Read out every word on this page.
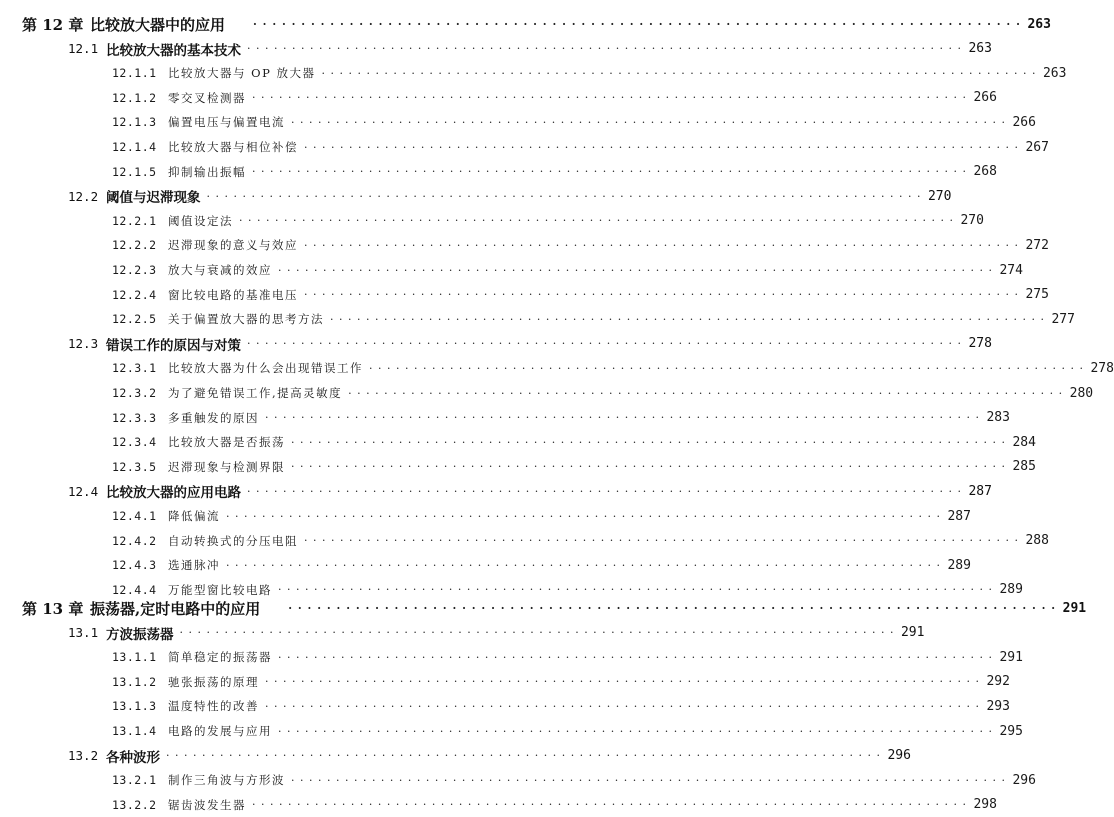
第 12 章 比较放大器中的应用	· · · · · · · · · · · · · · · · · · · · · · · · · · · · · · · · · · · · · · · · · · · · · · · · · · · · · · · · · · · · · · · · · · · · · · · · · · · · · · · · 263
12.1 比较放大器的基本技术 · · · · · · · · · · · · · · · · · · · · · · · · · · · · · · · · · · · · · · · · · · · · · · · · · · · · · · · · · · · · · · · · · · · · · · · · · · · · · · · · 263
12.1.1 比较放大器与 OP 放大器 · · · · · · · · · · · · · · · · · · · · · · · · · · · · · · · · · · · · · · · · · · · · · · · · · · · · · · · · · · · · · · · · · · · · · · · · · · · · · · · · 263
12.1.2 零交叉检测器 · · · · · · · · · · · · · · · · · · · · · · · · · · · · · · · · · · · · · · · · · · · · · · · · · · · · · · · · · · · · · · · · · · · · · · · · · · · · · · · · 266
12.1.3 偏置电压与偏置电流 · · · · · · · · · · · · · · · · · · · · · · · · · · · · · · · · · · · · · · · · · · · · · · · · · · · · · · · · · · · · · · · · · · · · · · · · · · · · · · · · 266
12.1.4 比较放大器与相位补偿 · · · · · · · · · · · · · · · · · · · · · · · · · · · · · · · · · · · · · · · · · · · · · · · · · · · · · · · · · · · · · · · · · · · · · · · · · · · · · · · · 267
12.1.5 抑制输出振幅 · · · · · · · · · · · · · · · · · · · · · · · · · · · · · · · · · · · · · · · · · · · · · · · · · · · · · · · · · · · · · · · · · · · · · · · · · · · · · · · · 268
12.2 阈值与迟滞现象 · · · · · · · · · · · · · · · · · · · · · · · · · · · · · · · · · · · · · · · · · · · · · · · · · · · · · · · · · · · · · · · · · · · · · · · · · · · · · · · · 270
12.2.1 阈值设定法 · · · · · · · · · · · · · · · · · · · · · · · · · · · · · · · · · · · · · · · · · · · · · · · · · · · · · · · · · · · · · · · · · · · · · · · · · · · · · · · · 270
12.2.2 迟滞现象的意义与效应 · · · · · · · · · · · · · · · · · · · · · · · · · · · · · · · · · · · · · · · · · · · · · · · · · · · · · · · · · · · · · · · · · · · · · · · · · · · · · · · · 272
12.2.3 放大与衰减的效应 · · · · · · · · · · · · · · · · · · · · · · · · · · · · · · · · · · · · · · · · · · · · · · · · · · · · · · · · · · · · · · · · · · · · · · · · · · · · · · · · 274
12.2.4 窗比较电路的基准电压 · · · · · · · · · · · · · · · · · · · · · · · · · · · · · · · · · · · · · · · · · · · · · · · · · · · · · · · · · · · · · · · · · · · · · · · · · · · · · · · · 275
12.2.5 关于偏置放大器的思考方法 · · · · · · · · · · · · · · · · · · · · · · · · · · · · · · · · · · · · · · · · · · · · · · · · · · · · · · · · · · · · · · · · · · · · · · · · · · · · · · · · 277
12.3 错误工作的原因与对策 · · · · · · · · · · · · · · · · · · · · · · · · · · · · · · · · · · · · · · · · · · · · · · · · · · · · · · · · · · · · · · · · · · · · · · · · · · · · · · · · 278
12.3.1 比较放大器为什么会出现错误工作 · · · · · · · · · · · · · · · · · · · · · · · · · · · · · · · · · · · · · · · · · · · · · · · · · · · · · · · · · · · · · · · · · · · · · · · · · · · · · · · · 278
12.3.2 为了避免错误工作,提高灵敏度 · · · · · · · · · · · · · · · · · · · · · · · · · · · · · · · · · · · · · · · · · · · · · · · · · · · · · · · · · · · · · · · · · · · · · · · · · · · · · · · · 280
12.3.3 多重触发的原因 · · · · · · · · · · · · · · · · · · · · · · · · · · · · · · · · · · · · · · · · · · · · · · · · · · · · · · · · · · · · · · · · · · · · · · · · · · · · · · · · 283
12.3.4 比较放大器是否振荡 · · · · · · · · · · · · · · · · · · · · · · · · · · · · · · · · · · · · · · · · · · · · · · · · · · · · · · · · · · · · · · · · · · · · · · · · · · · · · · · · 284
12.3.5 迟滞现象与检测界限 · · · · · · · · · · · · · · · · · · · · · · · · · · · · · · · · · · · · · · · · · · · · · · · · · · · · · · · · · · · · · · · · · · · · · · · · · · · · · · · · 285
12.4 比较放大器的应用电路 · · · · · · · · · · · · · · · · · · · · · · · · · · · · · · · · · · · · · · · · · · · · · · · · · · · · · · · · · · · · · · · · · · · · · · · · · · · · · · · · 287
12.4.1 降低偏流 · · · · · · · · · · · · · · · · · · · · · · · · · · · · · · · · · · · · · · · · · · · · · · · · · · · · · · · · · · · · · · · · · · · · · · · · · · · · · · · · 287
12.4.2 自动转换式的分压电阻 · · · · · · · · · · · · · · · · · · · · · · · · · · · · · · · · · · · · · · · · · · · · · · · · · · · · · · · · · · · · · · · · · · · · · · · · · · · · · · · · 288
12.4.3 选通脉冲 · · · · · · · · · · · · · · · · · · · · · · · · · · · · · · · · · · · · · · · · · · · · · · · · · · · · · · · · · · · · · · · · · · · · · · · · · · · · · · · · 289
12.4.4 万能型窗比较电路 · · · · · · · · · · · · · · · · · · · · · · · · · · · · · · · · · · · · · · · · · · · · · · · · · · · · · · · · · · · · · · · · · · · · · · · · · · · · · · · · 289
第 13 章 振荡器,定时电路中的应用	· · · · · · · · · · · · · · · · · · · · · · · · · · · · · · · · · · · · · · · · · · · · · · · · · · · · · · · · · · · · · · · · · · · · · · · · · · · · · · · · 291
13.1 方波振荡器 · · · · · · · · · · · · · · · · · · · · · · · · · · · · · · · · · · · · · · · · · · · · · · · · · · · · · · · · · · · · · · · · · · · · · · · · · · · · · · · · 291
13.1.1 简单稳定的振荡器 · · · · · · · · · · · · · · · · · · · · · · · · · · · · · · · · · · · · · · · · · · · · · · · · · · · · · · · · · · · · · · · · · · · · · · · · · · · · · · · · 291
13.1.2 驰张振荡的原理 · · · · · · · · · · · · · · · · · · · · · · · · · · · · · · · · · · · · · · · · · · · · · · · · · · · · · · · · · · · · · · · · · · · · · · · · · · · · · · · · 292
13.1.3 温度特性的改善 · · · · · · · · · · · · · · · · · · · · · · · · · · · · · · · · · · · · · · · · · · · · · · · · · · · · · · · · · · · · · · · · · · · · · · · · · · · · · · · · 293
13.1.4 电路的发展与应用 · · · · · · · · · · · · · · · · · · · · · · · · · · · · · · · · · · · · · · · · · · · · · · · · · · · · · · · · · · · · · · · · · · · · · · · · · · · · · · · · 295
13.2 各种波形 · · · · · · · · · · · · · · · · · · · · · · · · · · · · · · · · · · · · · · · · · · · · · · · · · · · · · · · · · · · · · · · · · · · · · · · · · · · · · · · · 296
13.2.1 制作三角波与方形波 · · · · · · · · · · · · · · · · · · · · · · · · · · · · · · · · · · · · · · · · · · · · · · · · · · · · · · · · · · · · · · · · · · · · · · · · · · · · · · · · 296
13.2.2 锯齿波发生器 · · · · · · · · · · · · · · · · · · · · · · · · · · · · · · · · · · · · · · · · · · · · · · · · · · · · · · · · · · · · · · · · · · · · · · · · · · · · · · · · 298
